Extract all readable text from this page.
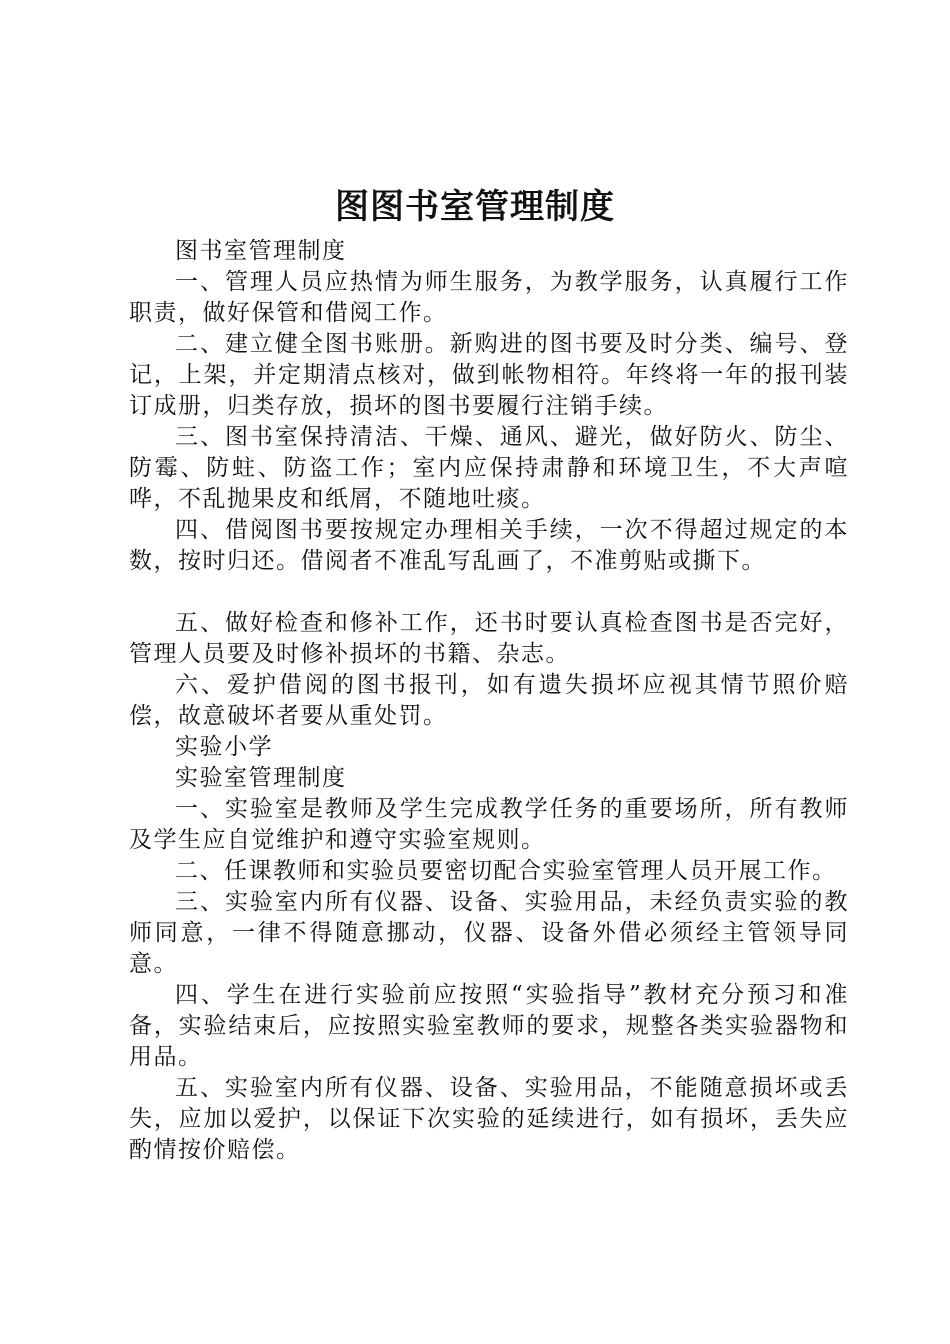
图图书室管理制度

图书室管理制度

一、管理人员应热情为师生服务，为教学服务，认真履行工作职责，做好保管和借阅工作。

二、建立健全图书账册。新购进的图书要及时分类、编号、登记，上架，并定期清点核对，做到帐物相符。年终将一年的报刊装订成册，归类存放，损坏的图书要履行注销手续。

三、图书室保持清洁、干燥、通风、避光，做好防火、防尘、防霉、防蛀、防盗工作；室内应保持肃静和环境卫生，不大声喧哗，不乱抛果皮和纸屑，不随地吐痰。

四、借阅图书要按规定办理相关手续，一次不得超过规定的本数，按时归还。借阅者不准乱写乱画了，不准剪贴或撕下。

五、做好检查和修补工作，还书时要认真检查图书是否完好，管理人员要及时修补损坏的书籍、杂志。

六、爱护借阅的图书报刊，如有遗失损坏应视其情节照价赔偿，故意破坏者要从重处罚。

实验小学

实验室管理制度

一、实验室是教师及学生完成教学任务的重要场所，所有教师及学生应自觉维护和遵守实验室规则。

二、任课教师和实验员要密切配合实验室管理人员开展工作。

三、实验室内所有仪器、设备、实验用品，未经负责实验的教师同意，一律不得随意挪动，仪器、设备外借必须经主管领导同意。

四、学生在进行实验前应按照“实验指导”教材充分预习和准备，实验结束后，应按照实验室教师的要求，规整各类实验器物和用品。

五、实验室内所有仪器、设备、实验用品，不能随意损坏或丢失，应加以爱护，以保证下次实验的延续进行，如有损坏，丢失应酌情按价赔偿。
